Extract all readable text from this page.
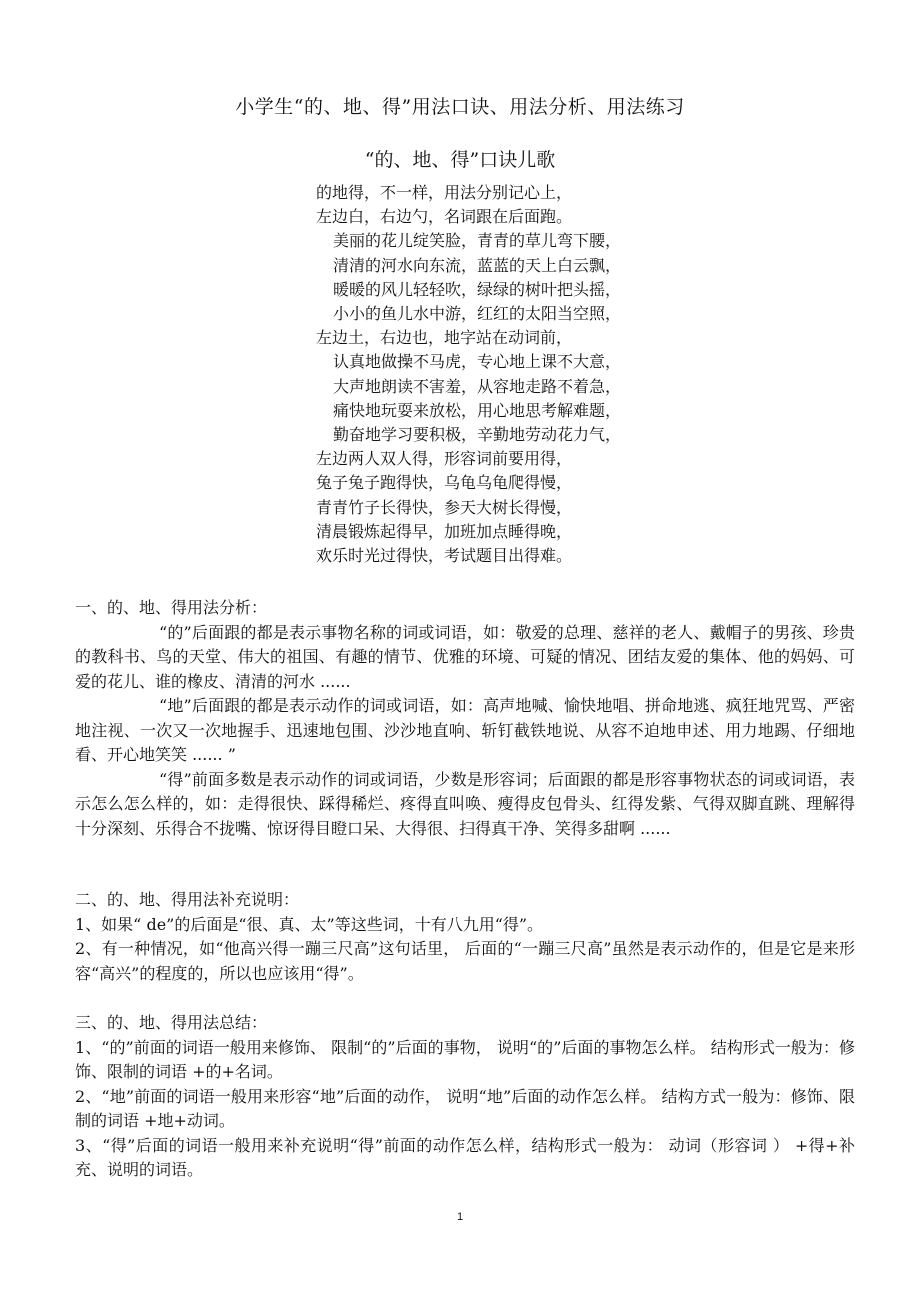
小学生“的、地、得”用法口诀、用法分析、用法练习
“的、地、得”口诀儿歌
的地得，不一样，用法分别记心上，
左边白，右边勺，名词跟在后面跑。
美丽的花儿绽笑脸，青青的草儿弯下腰，
清清的河水向东流，蓝蓝的天上白云飘，
暖暖的风儿轻轻吹，绿绿的树叶把头摇，
小小的鱼儿水中游，红红的太阳当空照，
左边土，右边也，地字站在动词前，
认真地做操不马虎，专心地上课不大意，
大声地朗读不害羞，从容地走路不着急，
痛快地玩耍来放松，用心地思考解难题，
勤奋地学习要积极，辛勤地劳动花力气，
左边两人双人得，形容词前要用得，
兔子兔子跑得快，乌龟乌龟爬得慢，
青青竹子长得快，参天大树长得慢，
清晨锻炼起得早，加班加点睡得晚，
欢乐时光过得快，考试题目出得难。

一、的、地、得用法分析：

“的”后面跟的都是表示事物名称的词或词语，如：敬爱的总理、慈祥的老人、戴帽子的男孩、珍贵的教科书、鸟的天堂、伟大的祖国、有趣的情节、优雅的环境、可疑的情况、团结友爱的集体、他的妈妈、可爱的花儿、谁的橡皮、清清的河水 ......

“地”后面跟的都是表示动作的词或词语，如：高声地喊、愉快地唱、拼命地逃、疯狂地咒骂、严密地注视、一次又一次地握手、迅速地包围、沙沙地直响、斩钉截铁地说、从容不迫地申述、用力地踢、仔细地看、开心地笑笑 ...... ”

“得”前面多数是表示动作的词或词语，少数是形容词；后面跟的都是形容事物状态的词或词语，表示怎么怎么样的，如：走得很快、踩得稀烂、疼得直叫唤、瘦得皮包骨头、红得发紫、气得双脚直跳、理解得十分深刻、乐得合不拢嘴、惊讶得目瞪口呆、大得很、扫得真干净、笑得多甜啊 ......

二、的、地、得用法补充说明：

1、如果“ de”的后面是“很、真、太”等这些词，十有八九用“得”。

2、有一种情况，如“他高兴得一蹦三尺高”这句话里， 后面的“一蹦三尺高”虽然是表示动作的，但是它是来形容“高兴”的程度的，所以也应该用“得”。

三、的、地、得用法总结：

1、“的”前面的词语一般用来修饰、 限制“的”后面的事物， 说明“的”后面的事物怎么样。 结构形式一般为：修饰、限制的词语 +的+名词。

2、“地”前面的词语一般用来形容“地”后面的动作， 说明“地”后面的动作怎么样。 结构方式一般为：修饰、限制的词语 +地+动词。

3、“得”后面的词语一般用来补充说明“得”前面的动作怎么样，结构形式一般为： 动词（形容词 ） +得+补充、说明的词语。

1
